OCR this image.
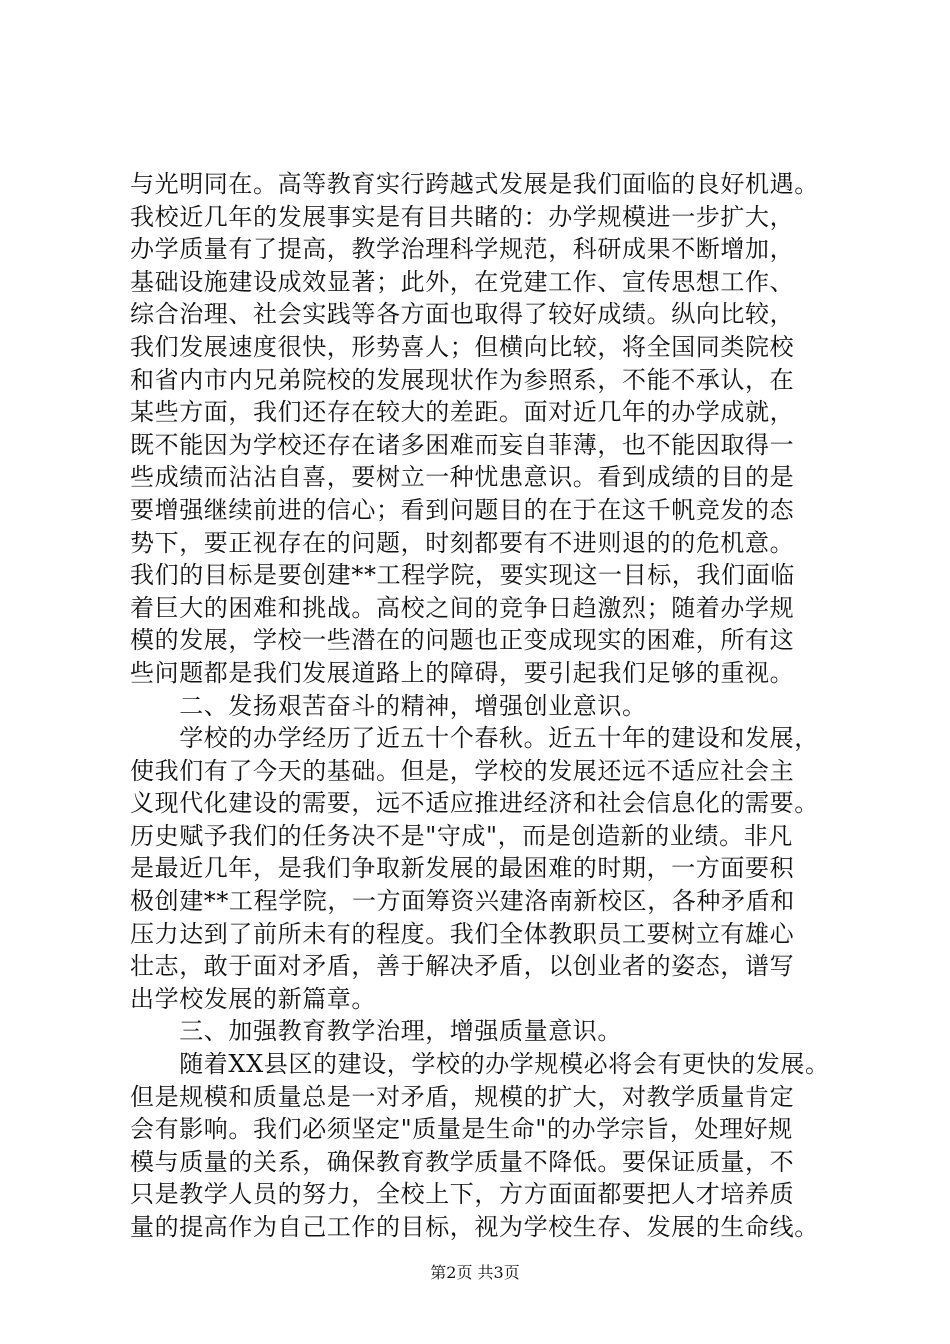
与光明同在。高等教育实行跨越式发展是我们面临的良好机遇。
我校近几年的发展事实是有目共睹的：办学规模进一步扩大，
办学质量有了提高，教学治理科学规范，科研成果不断增加，
基础设施建设成效显著；此外，在党建工作、宣传思想工作、
综合治理、社会实践等各方面也取得了较好成绩。纵向比较，
我们发展速度很快，形势喜人；但横向比较，将全国同类院校
和省内市内兄弟院校的发展现状作为参照系，不能不承认，在
某些方面，我们还存在较大的差距。面对近几年的办学成就，
既不能因为学校还存在诸多困难而妄自菲薄，也不能因取得一
些成绩而沾沾自喜，要树立一种忧患意识。看到成绩的目的是
要增强继续前进的信心；看到问题目的在于在这千帆竞发的态
势下，要正视存在的问题，时刻都要有不进则退的的危机意。
我们的目标是要创建**工程学院，要实现这一目标，我们面临
着巨大的困难和挑战。高校之间的竞争日趋激烈；随着办学规
模的发展，学校一些潜在的问题也正变成现实的困难，所有这
些问题都是我们发展道路上的障碍，要引起我们足够的重视。
　　二、发扬艰苦奋斗的精神，增强创业意识。
　　学校的办学经历了近五十个春秋。近五十年的建设和发展，
使我们有了今天的基础。但是，学校的发展还远不适应社会主
义现代化建设的需要，远不适应推进经济和社会信息化的需要。
历史赋予我们的任务决不是"守成"，而是创造新的业绩。非凡
是最近几年，是我们争取新发展的最困难的时期，一方面要积
极创建**工程学院，一方面筹资兴建洛南新校区，各种矛盾和
压力达到了前所未有的程度。我们全体教职员工要树立有雄心
壮志，敢于面对矛盾，善于解决矛盾，以创业者的姿态，谱写
出学校发展的新篇章。
　　三、加强教育教学治理，增强质量意识。
　　随着XX县区的建设，学校的办学规模必将会有更快的发展。
但是规模和质量总是一对矛盾，规模的扩大，对教学质量肯定
会有影响。我们必须坚定"质量是生命"的办学宗旨，处理好规
模与质量的关系，确保教育教学质量不降低。要保证质量，不
只是教学人员的努力，全校上下，方方面面都要把人才培养质
量的提高作为自己工作的目标，视为学校生存、发展的生命线。
第2页 共3页
